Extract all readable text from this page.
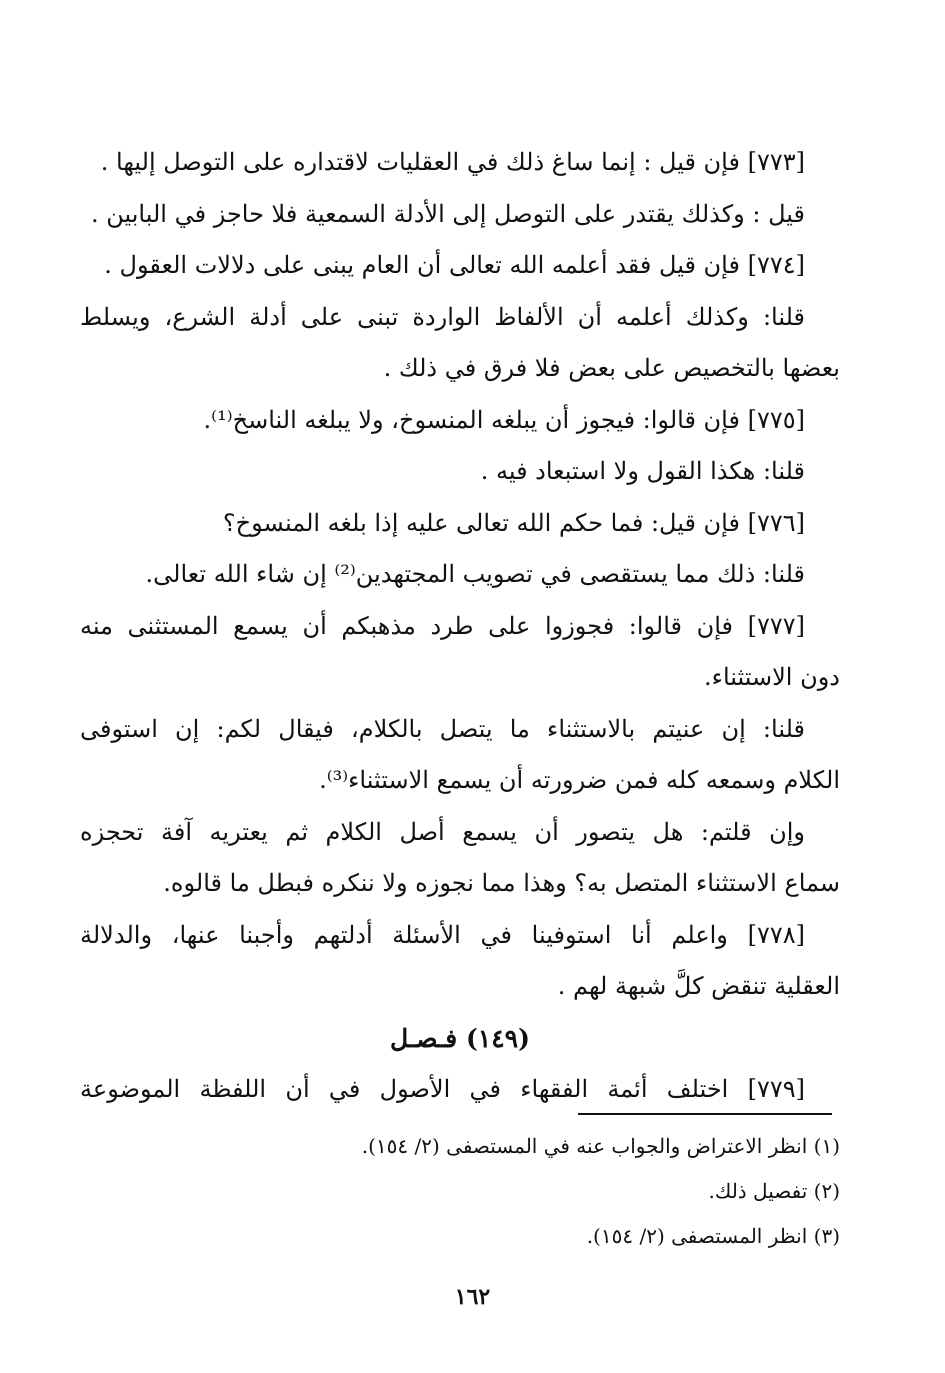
[٧٧٣] فإن قيل : إنما ساغ ذلك في العقليات لاقتداره على التوصل إليها .
قيل : وكذلك يقتدر على التوصل إلى الأدلة السمعية فلا حاجز في البابين .
[٧٧٤] فإن قيل فقد أعلمه الله تعالى أن العام يبنى على دلالات العقول .
قلنا: وكذلك أعلمه أن الألفاظ الواردة تبنى على أدلة الشرع، ويسلط
بعضها بالتخصيص على بعض فلا فرق في ذلك .
[٧٧٥] فإن قالوا: فيجوز أن يبلغه المنسوخ، ولا يبلغه الناسخ⁽¹⁾.
قلنا: هكذا القول ولا استبعاد فيه .
[٧٧٦] فإن قيل: فما حكم الله تعالى عليه إذا بلغه المنسوخ؟
قلنا: ذلك مما يستقصى في تصويب المجتهدين⁽²⁾ إن شاء الله تعالى.
[٧٧٧] فإن قالوا: فجوزوا على طرد مذهبكم أن يسمع المستثنى منه
دون الاستثناء.
قلنا: إن عنيتم بالاستثناء ما يتصل بالكلام، فيقال لكم: إن استوفى
الكلام وسمعه كله فمن ضرورته أن يسمع الاستثناء⁽³⁾.
وإن قلتم: هل يتصور أن يسمع أصل الكلام ثم يعتريه آفة تحجزه
سماع الاستثناء المتصل به؟ وهذا مما نجوزه ولا ننكره فبطل ما قالوه.
[٧٧٨] واعلم أنا استوفينا في الأسئلة أدلتهم وأجبنا عنها، والدلالة
العقلية تنقض كلَّ شبهة لهم .
(١٤٩) فـصـل
[٧٧٩] اختلف أئمة الفقهاء في الأصول في أن اللفظة الموضوعة
(١) انظر الاعتراض والجواب عنه في المستصفى (٢/ ١٥٤).
(٢) تفصيل ذلك.
(٣) انظر المستصفى (٢/ ١٥٤).
١٦٢
